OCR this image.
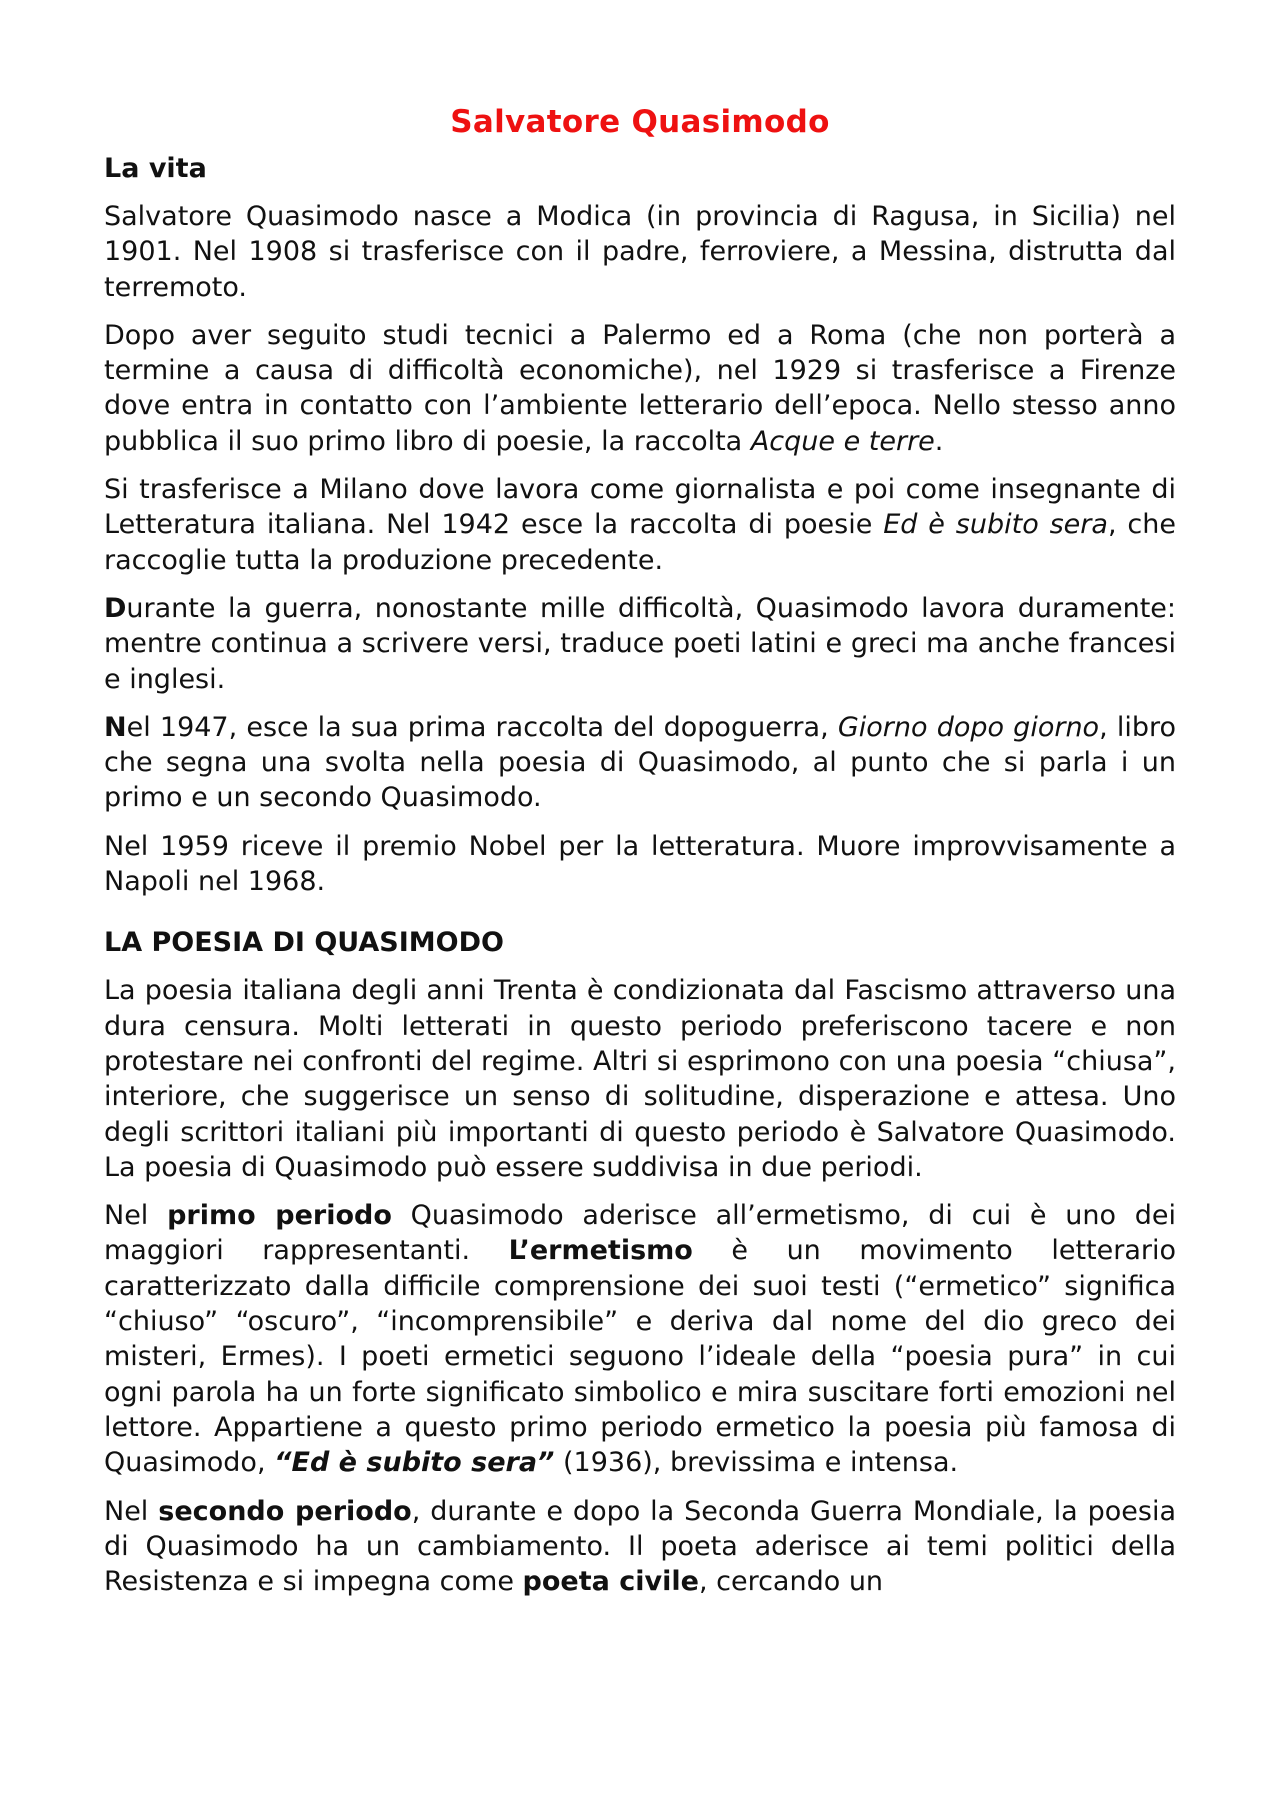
Salvatore Quasimodo
La vita

Salvatore Quasimodo nasce a Modica (in provincia di Ragusa, in Sicilia) nel 1901. Nel 1908 si trasferisce con il padre, ferroviere, a Messina, distrutta dal terremoto.

Dopo aver seguito studi tecnici a Palermo ed a Roma (che non porterà a termine a causa di difficoltà economiche), nel 1929 si trasferisce a Firenze dove entra in contatto con l’ambiente letterario dell’epoca. Nello stesso anno pubblica il suo primo libro di poesie, la raccolta Acque e terre.

Si trasferisce a Milano dove lavora come giornalista e poi come insegnante di Letteratura italiana. Nel 1942 esce la raccolta di poesie Ed è subito sera, che raccoglie tutta la produzione precedente.

Durante la guerra, nonostante mille difficoltà, Quasimodo lavora duramente: mentre continua a scrivere versi, traduce poeti latini e greci ma anche francesi e inglesi.

Nel 1947, esce la sua prima raccolta del dopoguerra, Giorno dopo giorno, libro che segna una svolta nella poesia di Quasimodo, al punto che si parla i un primo e un secondo Quasimodo.

Nel 1959 riceve il premio Nobel per la letteratura. Muore improvvisamente a Napoli nel 1968.

LA POESIA DI QUASIMODO

La poesia italiana degli anni Trenta è condizionata dal Fascismo attraverso una dura censura. Molti letterati in questo periodo preferiscono tacere e non protestare nei confronti del regime. Altri si esprimono con una poesia “chiusa”, interiore, che suggerisce un senso di solitudine, disperazione e attesa. Uno degli scrittori italiani più importanti di questo periodo è Salvatore Quasimodo. La poesia di Quasimodo può essere suddivisa in due periodi.

Nel primo periodo Quasimodo aderisce all’ermetismo, di cui è uno dei maggiori rappresentanti. L’ermetismo è un movimento letterario caratterizzato dalla difficile comprensione dei suoi testi (“ermetico” significa “chiuso” “oscuro”, “incomprensibile” e deriva dal nome del dio greco dei misteri, Ermes). I poeti ermetici seguono l’ideale della “poesia pura” in cui ogni parola ha un forte significato simbolico e mira suscitare forti emozioni nel lettore. Appartiene a questo primo periodo ermetico la poesia più famosa di Quasimodo, “Ed è subito sera” (1936), brevissima e intensa.

Nel secondo periodo, durante e dopo la Seconda Guerra Mondiale, la poesia di Quasimodo ha un cambiamento. Il poeta aderisce ai temi politici della Resistenza e si impegna come poeta civile, cercando un
